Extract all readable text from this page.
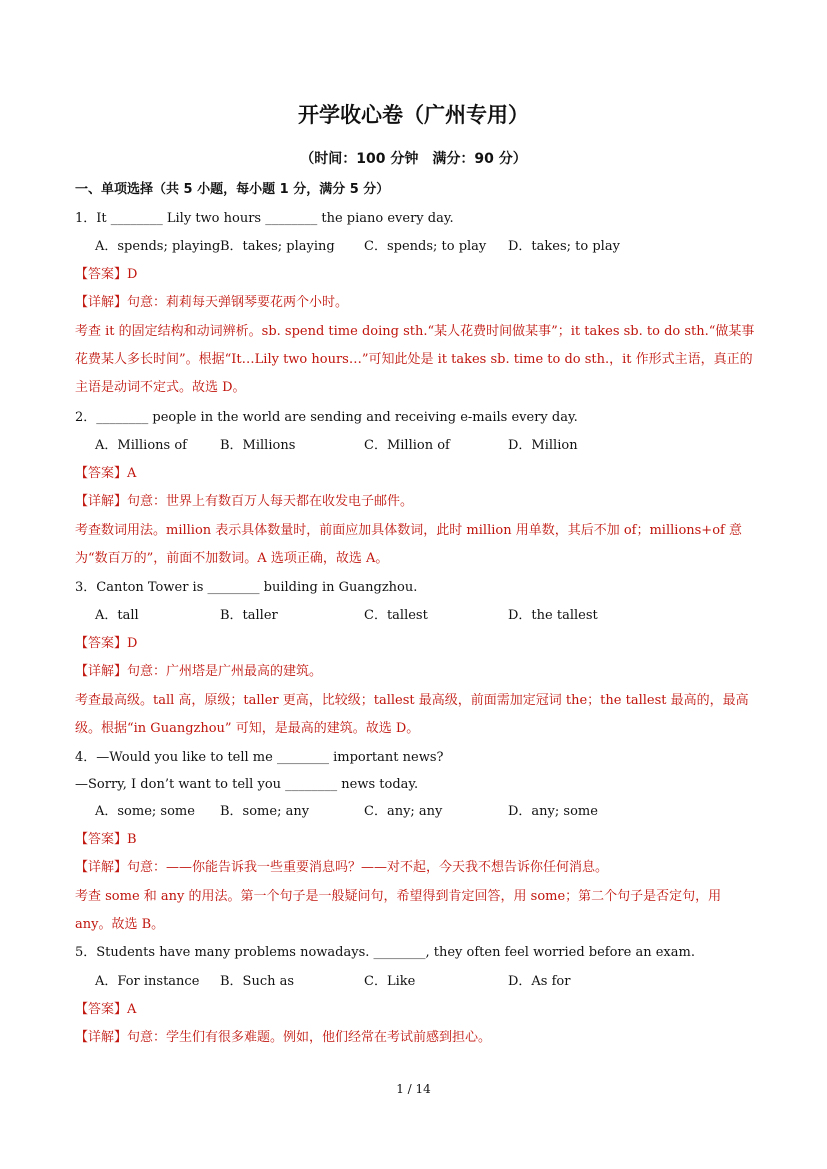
开学收心卷（广州专用）
（时间：100 分钟　满分：90 分）
一、单项选择（共 5 小题，每小题 1 分，满分 5 分）
1．It ________ Lily two hours ________ the piano every day.
A．spends; playing B．takes; playing C．spends; to play D．takes; to play
【答案】D
【详解】句意：莉莉每天弹钢琴要花两个小时。
考查 it 的固定结构和动词辨析。sb. spend time doing sth.“某人花费时间做某事”；it takes sb. to do sth.“做某事花费某人多长时间”。根据“It…Lily two hours…”可知此处是 it takes sb. time to do sth.，it 作形式主语，真正的主语是动词不定式。故选 D。
2．________ people in the world are sending and receiving e-mails every day.
A．Millions of	B．Millions	C．Million of	D．Million
【答案】A
【详解】句意：世界上有数百万人每天都在收发电子邮件。
考查数词用法。million 表示具体数量时，前面应加具体数词，此时 million 用单数，其后不加 of；millions+of 意为“数百万的”，前面不加数词。A 选项正确，故选 A。
3．Canton Tower is ________ building in Guangzhou.
A．tall	B．taller	C．tallest	D．the tallest
【答案】D
【详解】句意：广州塔是广州最高的建筑。
考查最高级。tall 高，原级；taller 更高，比较级；tallest 最高级，前面需加定冠词 the；the tallest 最高的，最高级。根据“in Guangzhou” 可知，是最高的建筑。故选 D。
4．—Would you like to tell me ________ important news?
—Sorry, I don’t want to tell you ________ news today.
A．some; some B．some; any	C．any; any	D．any; some
【答案】B
【详解】句意：——你能告诉我一些重要消息吗？——对不起，今天我不想告诉你任何消息。
考查 some 和 any 的用法。第一个句子是一般疑问句，希望得到肯定回答，用 some；第二个句子是否定句，用 any。故选 B。
5．Students have many problems nowadays. ________, they often feel worried before an exam.
A．For instance B．Such as	C．Like	D．As for
【答案】A
【详解】句意：学生们有很多难题。例如，他们经常在考试前感到担心。
1 / 14
